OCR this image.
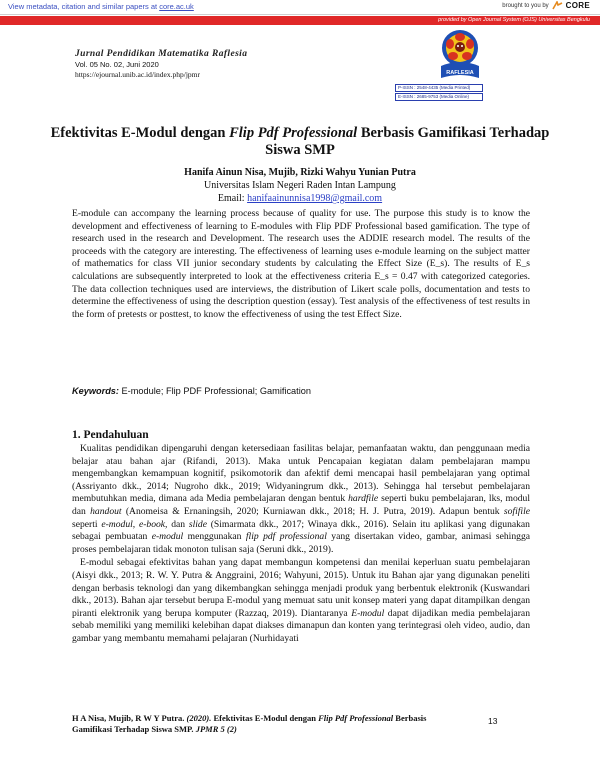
View metadata, citation and similar papers at core.ac.uk	brought to you by CORE
provided by Open Journal System (OJS) Universitas Bengkulu
Jurnal Pendidikan Matematika Raflesia
Vol. 05 No. 02, Juni 2020
https://ejournal.unib.ac.id/index.php/jpmr	RAFLESIA
P-ISSN : 2548-4435 (Media Printed)
E-ISSN : 2685-9753 (Media Online)
Efektivitas E-Modul dengan Flip Pdf Professional Berbasis Gamifikasi Terhadap Siswa SMP
Hanifa Ainun Nisa, Mujib, Rizki Wahyu Yunian Putra
Universitas Islam Negeri Raden Intan Lampung
Email: hanifaainunnisa1998@gmail.com
E-module can accompany the learning process because of quality for use. The purpose this study is to know the development and effectiveness of learning to E-modules with Flip PDF Professional based gamification. The type of research used in the research and Development. The research uses the ADDIE research model. The results of the proceeds with the category are interesting. The effectiveness of learning uses e-module learning on the subject matter of mathematics for class VII junior secondary students by calculating the Effect Size (E_s). The results of E_s calculations are subsequently interpreted to look at the effectiveness criteria E_s = 0.47 with categorized categories. The data collection techniques used are interviews, the distribution of Likert scale polls, documentation and tests to determine the effectiveness of using the description question (essay). Test analysis of the effectiveness of test results in the form of pretests or posttest, to know the effectiveness of using the test Effect Size.
Keywords: E-module; Flip PDF Professional; Gamification
1. Pendahuluan

Kualitas pendidikan dipengaruhi dengan ketersediaan fasilitas belajar, pemanfaatan waktu, dan penggunaan media belajar atau bahan ajar (Rifandi, 2013). Maka untuk Pencapaian kegiatan dalam pembelajaran mampu mengembangkan kemampuan kognitif, psikomotorik dan afektif demi mencapai hasil pembelajaran yang optimal (Assriyanto dkk., 2014; Nugroho dkk., 2019; Widyaningrum dkk., 2013). Sehingga hal tersebut pembelajaran membutuhkan media, dimana ada Media pembelajaran dengan bentuk hardfile seperti buku pembelajaran, lks, modul dan handout (Anomeisa & Ernaningsih, 2020; Kurniawan dkk., 2018; H. J. Putra, 2019). Adapun bentuk sofifile seperti e-modul, e-book, dan slide (Simarmata dkk., 2017; Winaya dkk., 2016). Selain itu aplikasi yang digunakan sebagai pembuatan e-modul menggunakan flip pdf professional yang disertakan video, gambar, animasi sehingga proses pembelajaran tidak monoton tulisan saja (Seruni dkk., 2019).

E-modul sebagai efektivitas bahan yang dapat membangun kompetensi dan menilai keperluan suatu pembelajaran (Aisyi dkk., 2013; R. W. Y. Putra & Anggraini, 2016; Wahyuni, 2015). Untuk itu Bahan ajar yang digunakan peneliti dengan berbasis teknologi dan yang dikembangkan sehingga menjadi produk yang berbentuk elektronik (Kuswandari dkk., 2013). Bahan ajar tersebut berupa E-modul yang memuat satu unit konsep materi yang dapat ditampilkan dengan piranti elektronik yang berupa komputer (Razzaq, 2019). Diantaranya E-modul dapat dijadikan media pembelajaran sebab memiliki yang memiliki kelebihan dapat diakses dimanapun dan konten yang terintegrasi oleh video, audio, dan gambar yang membantu memahami pelajaran (Nurhidayati

H A Nisa, Mujib, R W Y Putra. (2020). Efektivitas E-Modul dengan Flip Pdf Professional Berbasis Gamifikasi Terhadap Siswa SMP. JPMR 5 (2)
13
